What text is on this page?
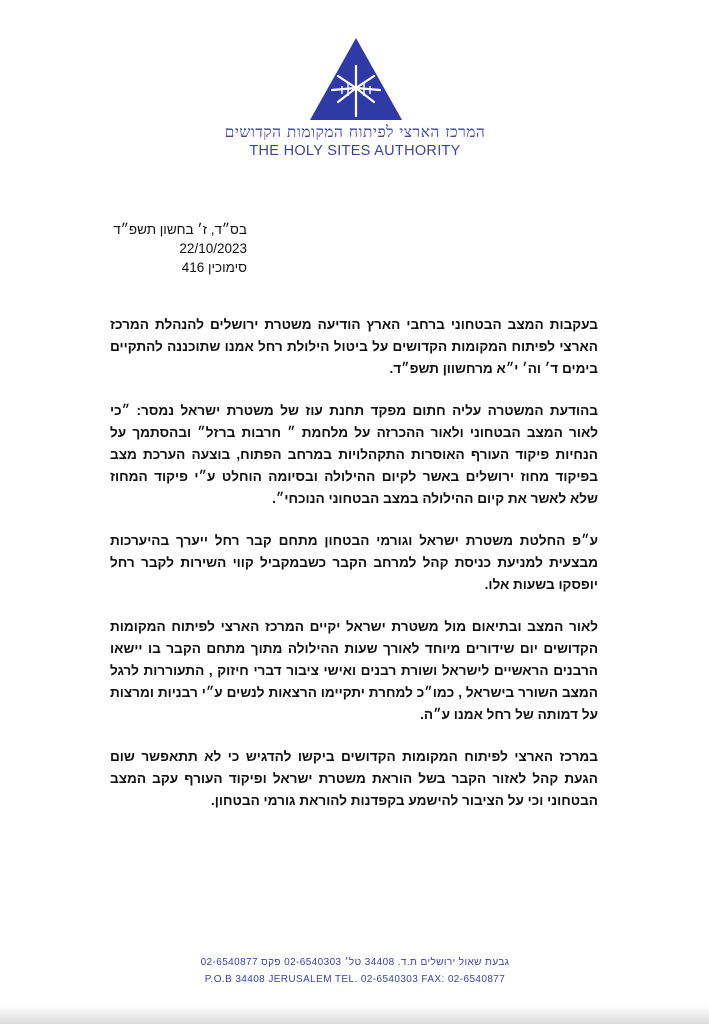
המרכז הארצי לפיתוח המקומות הקדושים
THE HOLY SITES AUTHORITY
בס״ד, ז׳ בחשון תשפ״ד
22/10/2023
סימוכין 416

בעקבות המצב הבטחוני ברחבי הארץ הודיעה משטרת ירושלים להנהלת המרכז הארצי לפיתוח המקומות הקדושים על ביטול הילולת רחל אמנו שתוכננה להתקיים בימים ד׳ וה׳ י״א מרחשוון תשפ״ד.

בהודעת המשטרה עליה חתום מפקד תחנת עוז של משטרת ישראל נמסר: ״כי לאור המצב הבטחוני ולאור ההכרזה על מלחמת ״ חרבות ברזל״ ובהסתמך על הנחיות פיקוד העורף האוסרות התקהלויות במרחב הפתוח, בוצעה הערכת מצב בפיקוד מחוז ירושלים באשר לקיום ההילולה ובסיומה הוחלט ע״י פיקוד המחוז שלא לאשר את קיום ההילולה במצב הבטחוני הנוכחי״.

ע״פ החלטת משטרת ישראל וגורמי הבטחון מתחם קבר רחל ייערך בהיערכות מבצעית למניעת כניסת קהל למרחב הקבר כשבמקביל קווי השירות לקבר רחל יופסקו בשעות אלו.

לאור המצב ובתיאום מול משטרת ישראל יקיים המרכז הארצי לפיתוח המקומות הקדושים יום שידורים מיוחד לאורך שעות ההילולה מתוך מתחם הקבר בו יישאו הרבנים הראשיים לישראל ושורת רבנים ואישי ציבור דברי חיזוק , התעוררות לרגל המצב השורר בישראל , כמו״כ למחרת יתקיימו הרצאות לנשים ע״י רבניות ומרצות על דמותה של רחל אמנו ע״ה.

במרכז הארצי לפיתוח המקומות הקדושים ביקשו להדגיש כי לא תתאפשר שום הגעת קהל לאזור הקבר בשל הוראת משטרת ישראל ופיקוד העורף עקב המצב הבטחוני וכי על הציבור להישמע בקפדנות להוראת גורמי הבטחון.

גבעת שאול ירושלים ת.ד. 34408 טל׳ 02-6540303 פקס 02-6540877
P.O.B 34408 JERUSALEM TEL. 02-6540303 FAX: 02-6540877
